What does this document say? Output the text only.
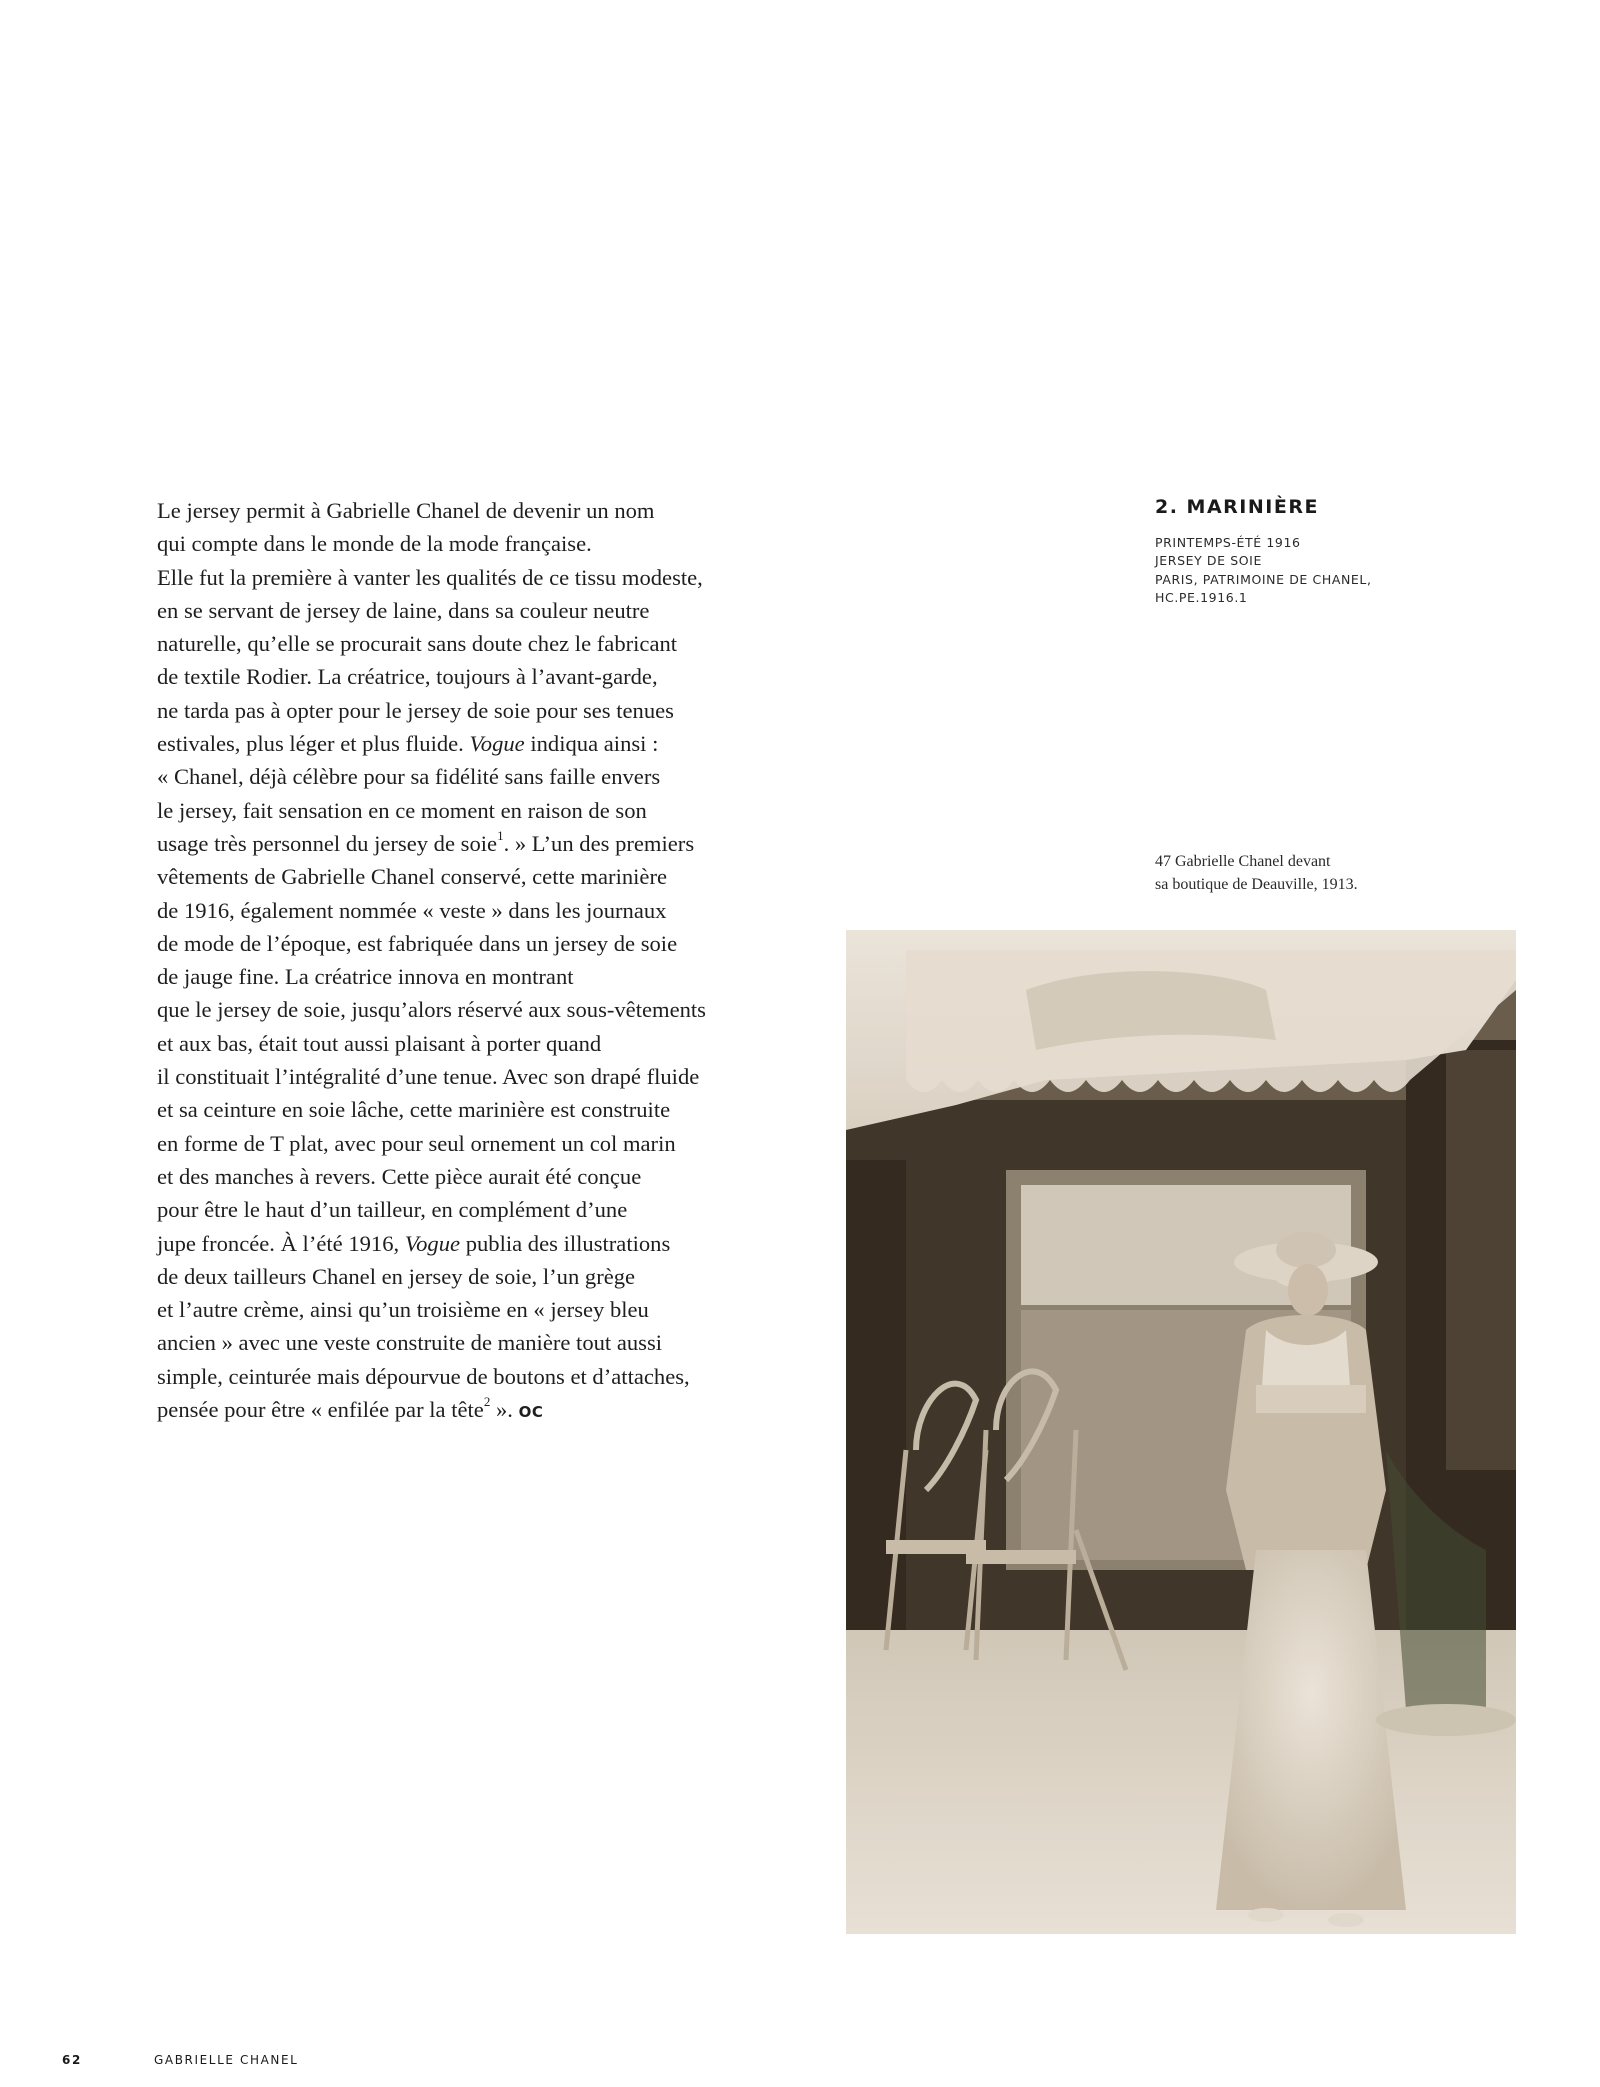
Le jersey permit à Gabrielle Chanel de devenir un nom
qui compte dans le monde de la mode française.
Elle fut la première à vanter les qualités de ce tissu modeste,
en se servant de jersey de laine, dans sa couleur neutre
naturelle, qu’elle se procurait sans doute chez le fabricant
de textile Rodier. La créatrice, toujours à l’avant-garde,
ne tarda pas à opter pour le jersey de soie pour ses tenues
estivales, plus léger et plus fluide. Vogue indiqua ainsi :
« Chanel, déjà célèbre pour sa fidélité sans faille envers
le jersey, fait sensation en ce moment en raison de son
usage très personnel du jersey de soie$^1$. » L’un des premiers
vêtements de Gabrielle Chanel conservé, cette marinière
de 1916, également nommée « veste » dans les journaux
de mode de l’époque, est fabriquée dans un jersey de soie
de jauge fine. La créatrice innova en montrant
que le jersey de soie, jusqu’alors réservé aux sous-vêtements
et aux bas, était tout aussi plaisant à porter quand
il constituait l’intégralité d’une tenue. Avec son drapé fluide
et sa ceinture en soie lâche, cette marinière est construite
en forme de T plat, avec pour seul ornement un col marin
et des manches à revers. Cette pièce aurait été conçue
pour être le haut d’un tailleur, en complément d’une
jupe froncée. À l’été 1916, Vogue publia des illustrations
de deux tailleurs Chanel en jersey de soie, l’un grège
et l’autre crème, ainsi qu’un troisième en « jersey bleu
ancien » avec une veste construite de manière tout aussi
simple, ceinturée mais dépourvue de boutons et d’attaches,
pensée pour être « enfilée par la tête$^2$ ». OC
2. MARINIÈRE
PRINTEMPS-ÉTÉ 1916
JERSEY DE SOIE
PARIS, PATRIMOINE DE CHANEL,
HC.PE.1916.1
47 Gabrielle Chanel devant
sa boutique de Deauville, 1913.
62	GABRIELLE CHANEL
